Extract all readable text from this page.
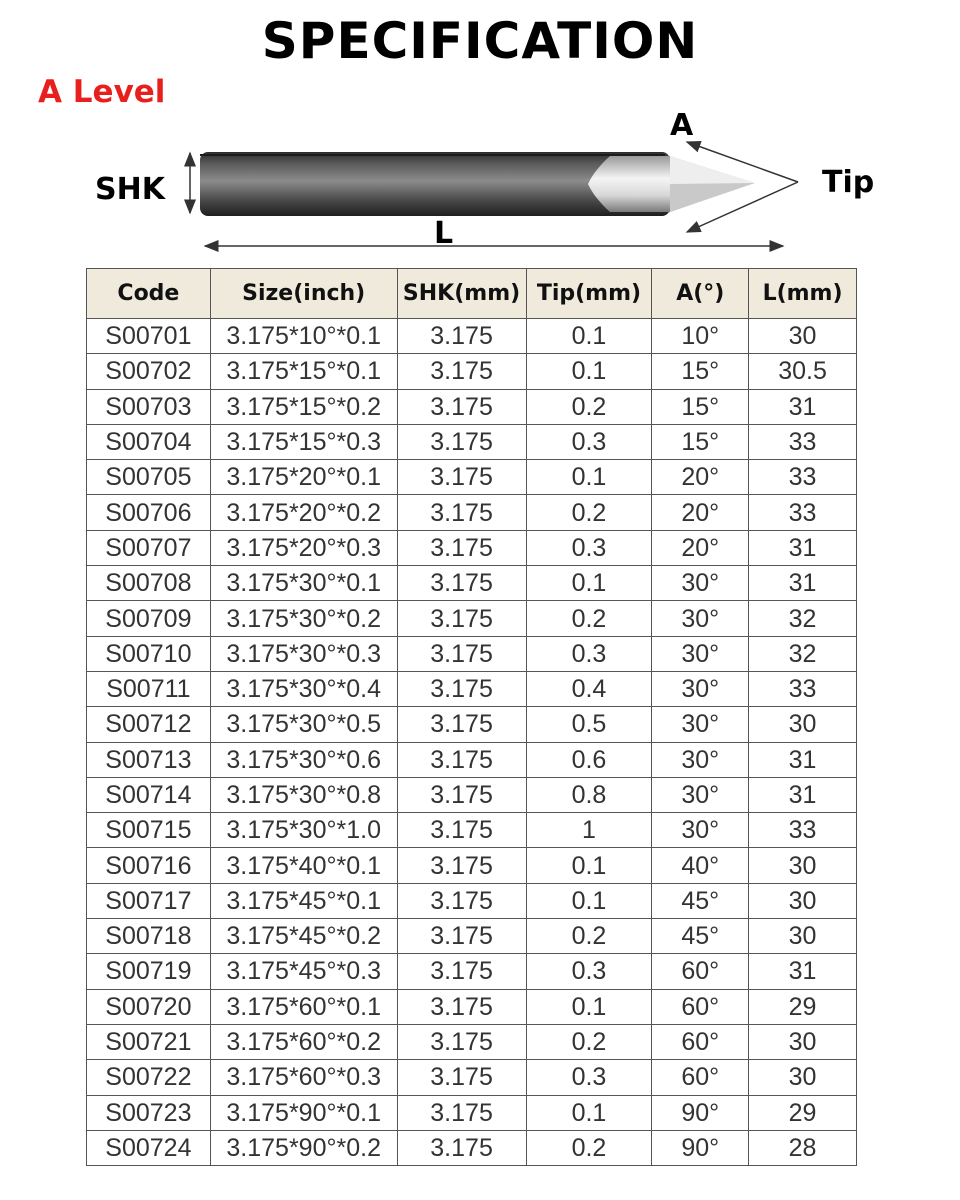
SPECIFICATION
A Level
SHK
A
Tip
L
Code	Size(inch)	SHK(mm)	Tip(mm)	A(°)	L(mm)
S00701	3.175*10°*0.1	3.175	0.1	10°	30
S00702	3.175*15°*0.1	3.175	0.1	15°	30.5
S00703	3.175*15°*0.2	3.175	0.2	15°	31
S00704	3.175*15°*0.3	3.175	0.3	15°	33
S00705	3.175*20°*0.1	3.175	0.1	20°	33
S00706	3.175*20°*0.2	3.175	0.2	20°	33
S00707	3.175*20°*0.3	3.175	0.3	20°	31
S00708	3.175*30°*0.1	3.175	0.1	30°	31
S00709	3.175*30°*0.2	3.175	0.2	30°	32
S00710	3.175*30°*0.3	3.175	0.3	30°	32
S00711	3.175*30°*0.4	3.175	0.4	30°	33
S00712	3.175*30°*0.5	3.175	0.5	30°	30
S00713	3.175*30°*0.6	3.175	0.6	30°	31
S00714	3.175*30°*0.8	3.175	0.8	30°	31
S00715	3.175*30°*1.0	3.175	1	30°	33
S00716	3.175*40°*0.1	3.175	0.1	40°	30
S00717	3.175*45°*0.1	3.175	0.1	45°	30
S00718	3.175*45°*0.2	3.175	0.2	45°	30
S00719	3.175*45°*0.3	3.175	0.3	60°	31
S00720	3.175*60°*0.1	3.175	0.1	60°	29
S00721	3.175*60°*0.2	3.175	0.2	60°	30
S00722	3.175*60°*0.3	3.175	0.3	60°	30
S00723	3.175*90°*0.1	3.175	0.1	90°	29
S00724	3.175*90°*0.2	3.175	0.2	90°	28
